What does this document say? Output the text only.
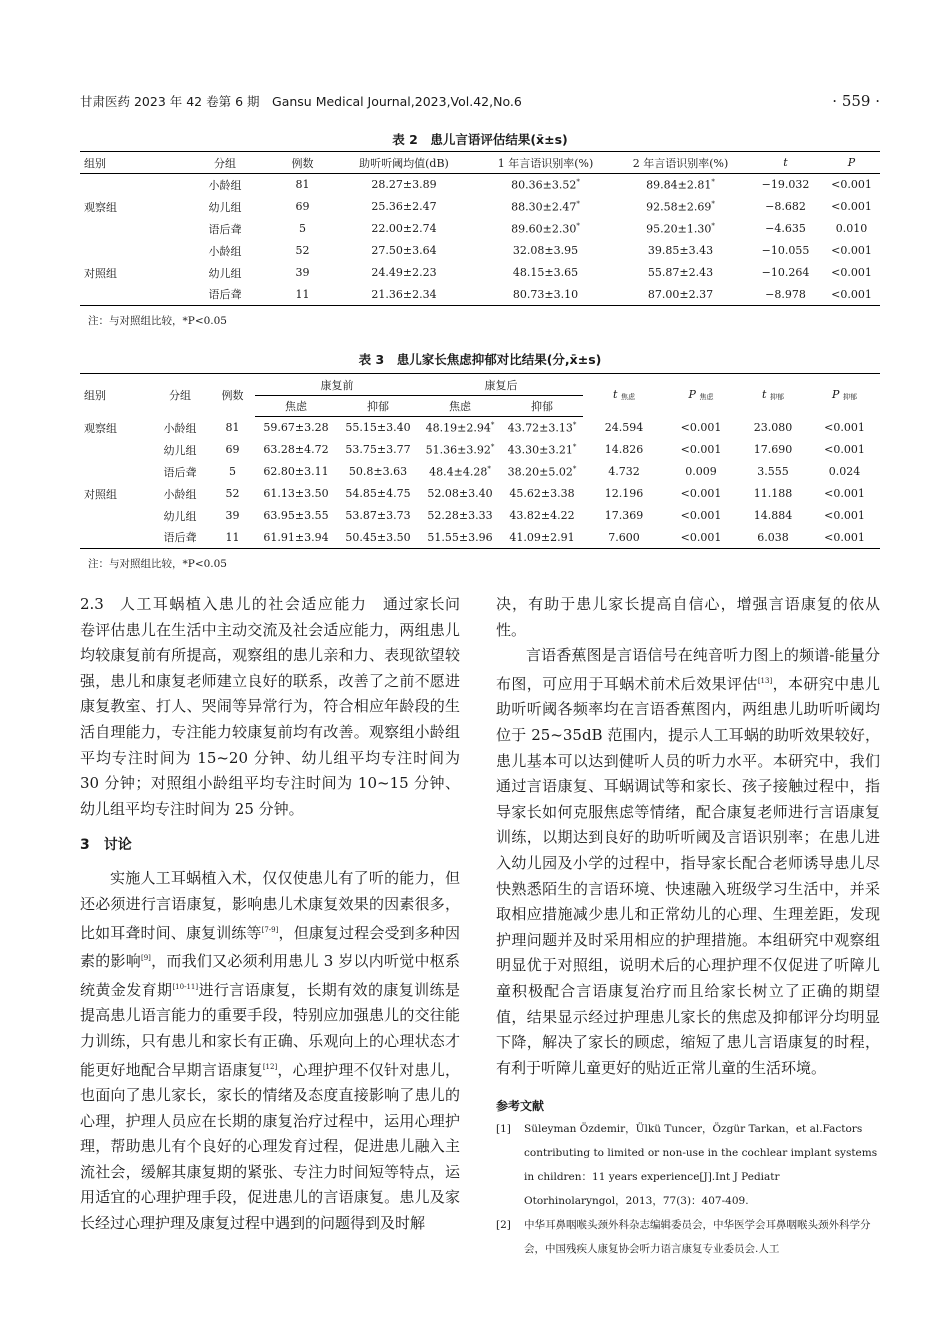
甘肃医药 2023 年 42 卷第 6 期　Gansu Medical Journal,2023,Vol.42,No.6	· 559 ·
表 2　患儿言语评估结果(x̄±s)
组别	分组	例数	助听听阈均值(dB)	1 年言语识别率(%)	2 年言语识别率(%)	t	P
	小龄组	81	28.27±3.89	80.36±3.52*	89.84±2.81*	−19.032	<0.001
观察组	幼儿组	69	25.36±2.47	88.30±2.47*	92.58±2.69*	−8.682	<0.001
	语后聋	5	22.00±2.74	89.60±2.30*	95.20±1.30*	−4.635	0.010
	小龄组	52	27.50±3.64	32.08±3.95	39.85±3.43	−10.055	<0.001
对照组	幼儿组	39	24.49±2.23	48.15±3.65	55.87±2.43	−10.264	<0.001
	语后聋	11	21.36±2.34	80.73±3.10	87.00±2.37	−8.978	<0.001
注：与对照组比较，*P<0.05
表 3　患儿家长焦虑抑郁对比结果(分,x̄±s)
组别	分组	例数	康复前		康复后		t 焦虑	P 焦虑	t 抑郁	P 抑郁
			焦虑	抑郁	焦虑	抑郁				
观察组	小龄组	81	59.67±3.28	55.15±3.40	48.19±2.94*	43.72±3.13*	24.594	<0.001	23.080	<0.001
	幼儿组	69	63.28±4.72	53.75±3.77	51.36±3.92*	43.30±3.21*	14.826	<0.001	17.690	<0.001
	语后聋	5	62.80±3.11	50.8±3.63	48.4±4.28*	38.20±5.02*	4.732	0.009	3.555	0.024
对照组	小龄组	52	61.13±3.50	54.85±4.75	52.08±3.40	45.62±3.38	12.196	<0.001	11.188	<0.001
	幼儿组	39	63.95±3.55	53.87±3.73	52.28±3.33	43.82±4.22	17.369	<0.001	14.884	<0.001
	语后聋	11	61.91±3.94	50.45±3.50	51.55±3.96	41.09±2.91	7.600	<0.001	6.038	<0.001
注：与对照组比较，*P<0.05

2.3　 人工耳蜗植入患儿的社会适应能力　 通过家长问卷评估患儿在生活中主动交流及社会适应能力，两组患儿均较康复前有所提高，观察组的患儿亲和力、表现欲望较强，患儿和康复老师建立良好的联系，改善了之前不愿进康复教室、打人、哭闹等异常行为，符合相应年龄段的生活自理能力，专注能力较康复前均有改善。观察组小龄组平均专注时间为 15~20 分钟、幼儿组平均专注时间为 30 分钟；对照组小龄组平均专注时间为 10~15 分钟、幼儿组平均专注时间为 25 分钟。

3　讨论

实施人工耳蜗植入术，仅仅使患儿有了听的能力，但还必须进行言语康复，影响患儿术康复效果的因素很多，比如耳聋时间、康复训练等[7-9]，但康复过程会受到多种因素的影响[9]，而我们又必须利用患儿 3 岁以内听觉中枢系统黄金发育期[10-11]进行言语康复，长期有效的康复训练是提高患儿语言能力的重要手段，特别应加强患儿的交往能力训练，只有患儿和家长有正确、乐观向上的心理状态才能更好地配合早期言语康复[12]，心理护理不仅针对患儿，也面向了患儿家长，家长的情绪及态度直接影响了患儿的心理，护理人员应在长期的康复治疗过程中，运用心理护理，帮助患儿有个良好的心理发育过程，促进患儿融入主流社会，缓解其康复期的紧张、专注力时间短等特点，运用适宜的心理护理手段，促进患儿的言语康复。患儿及家长经过心理护理及康复过程中遇到的问题得到及时解

决，有助于患儿家长提高自信心，增强言语康复的依从性。

言语香蕉图是言语信号在纯音听力图上的频谱-能量分布图，可应用于耳蜗术前术后效果评估[13]，本研究中患儿助听听阈各频率均在言语香蕉图内，两组患儿助听听阈均位于 25~35dB 范围内，提示人工耳蜗的助听效果较好，患儿基本可以达到健听人员的听力水平。本研究中，我们通过言语康复、耳蜗调试等和家长、孩子接触过程中，指导家长如何克服焦虑等情绪，配合康复老师进行言语康复训练，以期达到良好的助听听阈及言语识别率；在患儿进入幼儿园及小学的过程中，指导家长配合老师诱导患儿尽快熟悉陌生的言语环境、快速融入班级学习生活中，并采取相应措施减少患儿和正常幼儿的心理、生理差距，发现护理问题并及时采用相应的护理措施。本组研究中观察组明显优于对照组，说明术后的心理护理不仅促进了听障儿童积极配合言语康复治疗而且给家长树立了正确的期望值，结果显示经过护理患儿家长的焦虑及抑郁评分均明显下降，解决了家长的顾虑，缩短了患儿言语康复的时程，有利于听障儿童更好的贴近正常儿童的生活环境。

参考文献
[1] Süleyman Özdemir，Ülkü Tuncer，Özgür Tarkan，et al.Factors contributing to limited or non-use in the cochlear implant systems in children：11 years experience[J].Int J Pediatr Otorhinolaryngol，2013，77(3)：407-409.
[2] 中华耳鼻咽喉头颈外科杂志编辑委员会，中华医学会耳鼻咽喉头颈外科学分会，中国残疾人康复协会听力语言康复专业委员会.人工
